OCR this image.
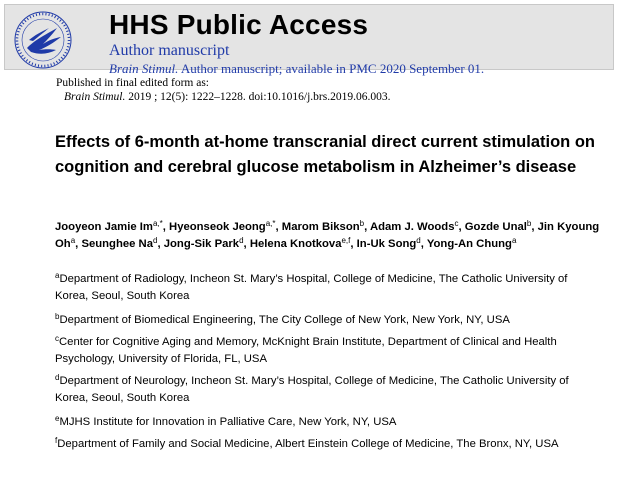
HHS Public Access
Author manuscript
Brain Stimul. Author manuscript; available in PMC 2020 September 01.
Published in final edited form as:
Brain Stimul. 2019 ; 12(5): 1222–1228. doi:10.1016/j.brs.2019.06.003.
Effects of 6-month at-home transcranial direct current stimulation on cognition and cerebral glucose metabolism in Alzheimer’s disease
Jooyeon Jamie $Im^{a,*}$, Hyeonseok Jeong$^{a,*}$, Marom Bikson$^b$, Adam J. Woods$^c$, Gozde Unal$^b$, Jin Kyoung Oh$^a$, Seunghee Na$^d$, Jong-Sik Park$^d$, Helena Knotkova$^{e,f}$, In-Uk Song$^d$, Yong-An Chung$^a$
$^a$Department of Radiology, Incheon St. Mary’s Hospital, College of Medicine, The Catholic University of Korea, Seoul, South Korea
$^b$Department of Biomedical Engineering, The City College of New York, New York, NY, USA
$^c$Center for Cognitive Aging and Memory, McKnight Brain Institute, Department of Clinical and Health Psychology, University of Florida, FL, USA
$^d$Department of Neurology, Incheon St. Mary’s Hospital, College of Medicine, The Catholic University of Korea, Seoul, South Korea
$^e$MJHS Institute for Innovation in Palliative Care, New York, NY, USA
$^f$Department of Family and Social Medicine, Albert Einstein College of Medicine, The Bronx, NY, USA
